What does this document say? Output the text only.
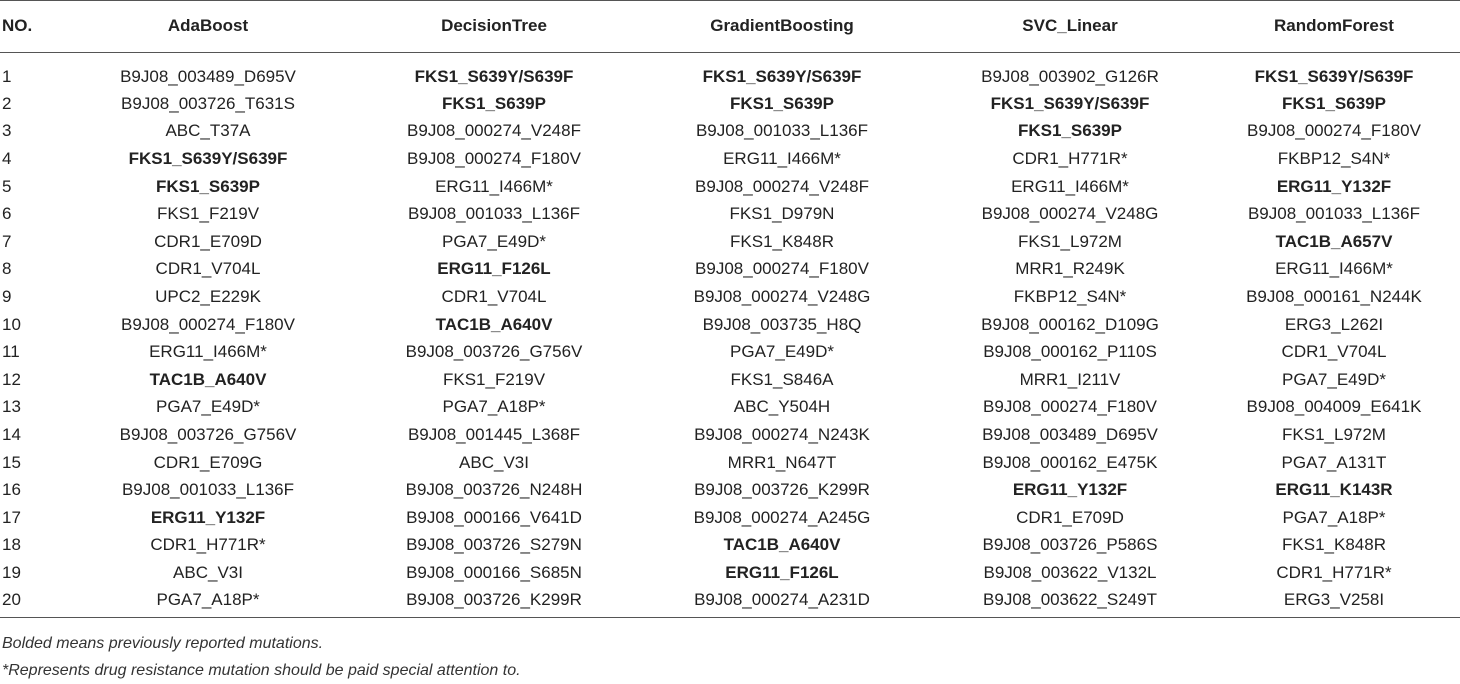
NO.	AdaBoost	DecisionTree	GradientBoosting	SVC_Linear	RandomForest
1	B9J08_003489_D695V	FKS1_S639Y/S639F	FKS1_S639Y/S639F	B9J08_003902_G126R	FKS1_S639Y/S639F
2	B9J08_003726_T631S	FKS1_S639P	FKS1_S639P	FKS1_S639Y/S639F	FKS1_S639P
3	ABC_T37A	B9J08_000274_V248F	B9J08_001033_L136F	FKS1_S639P	B9J08_000274_F180V
4	FKS1_S639Y/S639F	B9J08_000274_F180V	ERG11_I466M*	CDR1_H771R*	FKBP12_S4N*
5	FKS1_S639P	ERG11_I466M*	B9J08_000274_V248F	ERG11_I466M*	ERG11_Y132F
6	FKS1_F219V	B9J08_001033_L136F	FKS1_D979N	B9J08_000274_V248G	B9J08_001033_L136F
7	CDR1_E709D	PGA7_E49D*	FKS1_K848R	FKS1_L972M	TAC1B_A657V
8	CDR1_V704L	ERG11_F126L	B9J08_000274_F180V	MRR1_R249K	ERG11_I466M*
9	UPC2_E229K	CDR1_V704L	B9J08_000274_V248G	FKBP12_S4N*	B9J08_000161_N244K
10	B9J08_000274_F180V	TAC1B_A640V	B9J08_003735_H8Q	B9J08_000162_D109G	ERG3_L262I
11	ERG11_I466M*	B9J08_003726_G756V	PGA7_E49D*	B9J08_000162_P110S	CDR1_V704L
12	TAC1B_A640V	FKS1_F219V	FKS1_S846A	MRR1_I211V	PGA7_E49D*
13	PGA7_E49D*	PGA7_A18P*	ABC_Y504H	B9J08_000274_F180V	B9J08_004009_E641K
14	B9J08_003726_G756V	B9J08_001445_L368F	B9J08_000274_N243K	B9J08_003489_D695V	FKS1_L972M
15	CDR1_E709G	ABC_V3I	MRR1_N647T	B9J08_000162_E475K	PGA7_A131T
16	B9J08_001033_L136F	B9J08_003726_N248H	B9J08_003726_K299R	ERG11_Y132F	ERG11_K143R
17	ERG11_Y132F	B9J08_000166_V641D	B9J08_000274_A245G	CDR1_E709D	PGA7_A18P*
18	CDR1_H771R*	B9J08_003726_S279N	TAC1B_A640V	B9J08_003726_P586S	FKS1_K848R
19	ABC_V3I	B9J08_000166_S685N	ERG11_F126L	B9J08_003622_V132L	CDR1_H771R*
20	PGA7_A18P*	B9J08_003726_K299R	B9J08_000274_A231D	B9J08_003622_S249T	ERG3_V258I
Bolded means previously reported mutations.
*Represents drug resistance mutation should be paid special attention to.
